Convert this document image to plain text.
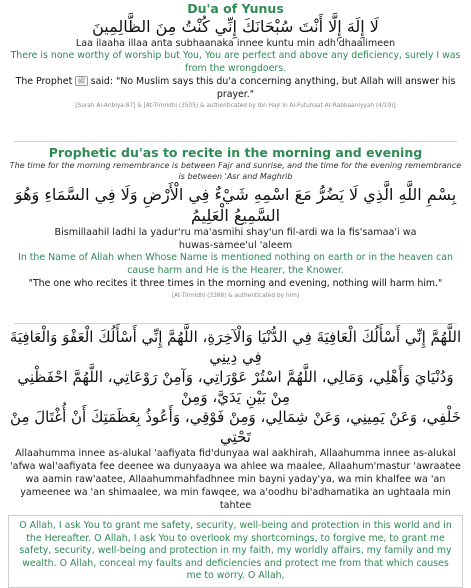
Du'a of Yunus

لَا إِلَهَ إِلَّا أَنْتَ سُبْحَانَكَ إِنِّي كُنْتُ مِنَ الظَّالِمِينَ

Laa ilaaha illaa anta subhaanaka innee kuntu min adh'dhaalimeen

There is none worthy of worship but You, You are perfect and above any deficiency, surely I was from the wrongdoers.

The Prophet ﷺ said: "No Muslim says this du'a concerning anything, but Allah will answer his prayer."

[Surah Al-Anbiya:87] & [At-Tirmidhi (3505) & authenticated by Ibn Hajr in Al-Futuhaat Ar-Rabbaaniyyah (4/19)]

Prophetic du'as to recite in the morning and evening

The time for the morning remembrance is between Fajr and sunrise, and the time for the evening remembrance is between 'Asr and Maghrib

بِسْمِ اللَّهِ الَّذِي لَا يَضُرُّ مَعَ اسْمِهِ شَيْءٌ فِي الْأَرْضِ وَلَا فِي السَّمَاءِ وَهُوَ

السَّمِيعُ الْعَلِيمُ

Bismillaahil ladhi la yadur'ru ma'asmihi shay'un fil-ardi wa la fis'samaa'i wa

huwas-samee'ul 'aleem

In the Name of Allah when Whose Name is mentioned nothing on earth or in the heaven can cause harm and He is the Hearer, the Knower.

"The one who recites it three times in the morning and evening, nothing will harm him."

[At-Tirmidhi (3388) & authenticated by him]

اللَّهُمَّ إِنِّي أَسْأَلُكَ الْعَافِيَةَ فِي الدُّنْيَا وَالْآخِرَةِ، اللَّهُمَّ إِنِّي أَسْأَلُكَ الْعَفْوَ وَالْعَافِيَةَ فِي دِينِي

وَدُنْيَايَ وَأَهْلِي، وَمَالِي، اللَّهُمَّ اسْتُرْ عَوْرَاتِي، وَآمِنْ رَوْعَاتِي، اللَّهُمَّ احْفَظْنِي مِنْ بَيْنِ يَدَيَّ، وَمِنْ

خَلْفِي، وَعَنْ يَمِينِي، وَعَنْ شِمَالِي، وَمِنْ فَوْقِي، وَأَعُوذُ بِعَظَمَتِكَ أَنْ أُغْتَالَ مِنْ تَحْتِي

Allaahumma innee as-alukal 'aafiyata fid'dunyaa wal aakhirah, Allaahumma innee as-alukal 'afwa wal'aafiyata fee deenee wa dunyaaya wa ahlee wa maalee, Allaahum'mastur 'awraatee wa aamin raw'aatee, Allaahummahfadhnee min bayni yaday'ya, wa min khalfee wa 'an yameenee wa 'an shimaalee, wa min fawqee, wa a'oodhu bi'adhamatika an ughtaala min tahtee

O Allah, I ask You to grant me safety, security, well-being and protection in this world and in the Hereafter. O Allah, I ask You to overlook my shortcomings, to forgive me, to grant me safety, security, well-being and protection in my faith, my worldly affairs, my family and my wealth. O Allah, conceal my faults and deficiencies and protect me from that which causes me to worry. O Allah,
